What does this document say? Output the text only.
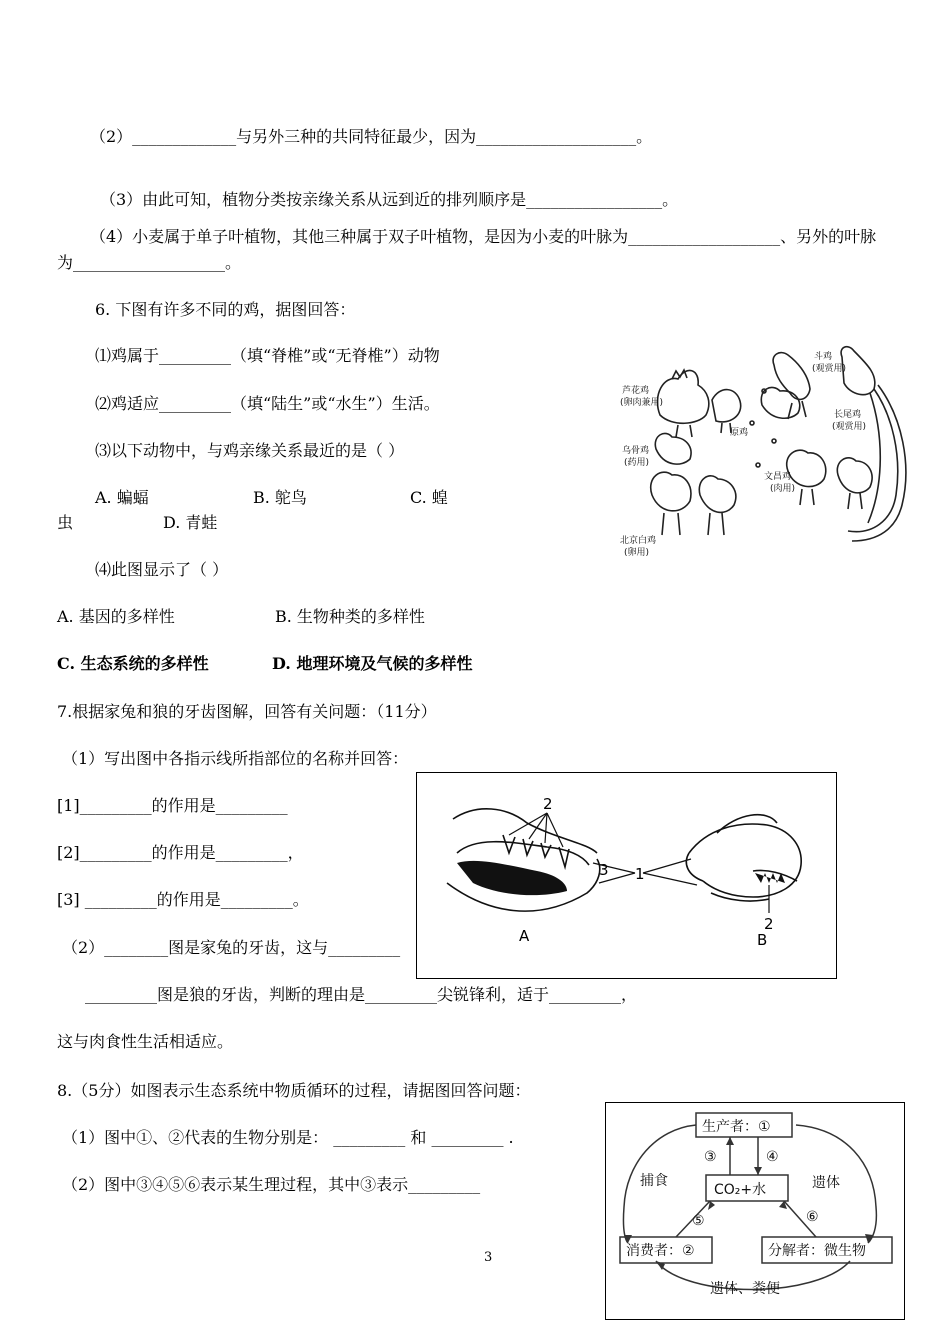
（2）_____________与另外三种的共同特征最少，因为____________________。
（3）由此可知，植物分类按亲缘关系从远到近的排列顺序是_________________。
（4）小麦属于单子叶植物，其他三种属于双子叶植物，是因为小麦的叶脉为___________________、另外的叶脉
为___________________。
6. 下图有许多不同的鸡，据图回答：
⑴鸡属于_________（填“脊椎”或“无脊椎”）动物
⑵鸡适应_________（填“陆生”或“水生”）生活。
⑶以下动物中，与鸡亲缘关系最近的是（ ）
A. 蝙蝠	B. 鸵鸟	C. 蝗
虫	D. 青蛙
⑷此图显示了（ ）
A. 基因的多样性	B. 生物种类的多样性
C. 生态系统的多样性	D. 地理环境及气候的多样性
芦花鸡
(卵肉兼用)
斗鸡
(观赏用)
长尾鸡
(观赏用)
原鸡
乌骨鸡
(药用)
文昌鸡
(肉用)
北京白鸡
(卵用)
7.根据家兔和狼的牙齿图解，回答有关问题：（11分）
（1）写出图中各指示线所指部位的名称并回答：
[1]_________的作用是_________
[2]_________的作用是_________，
[3] _________的作用是_________。
（2）________图是家兔的牙齿，这与_________
_________图是狼的牙齿，判断的理由是_________尖锐锋利，适于_________，
这与肉食性生活相适应。
2
3 1
2
A	B
8.（5分）如图表示生态系统中物质循环的过程，请据图回答问题：
（1）图中①、②代表的生物分别是： _________ 和 _________ .
（2）图中③④⑤⑥表示某生理过程，其中③表示_________
生产者：①
CO₂+水
消费者：②	分解者：微生物
③	④
⑤	⑥
捕食	遗体
遗体、粪便
3
